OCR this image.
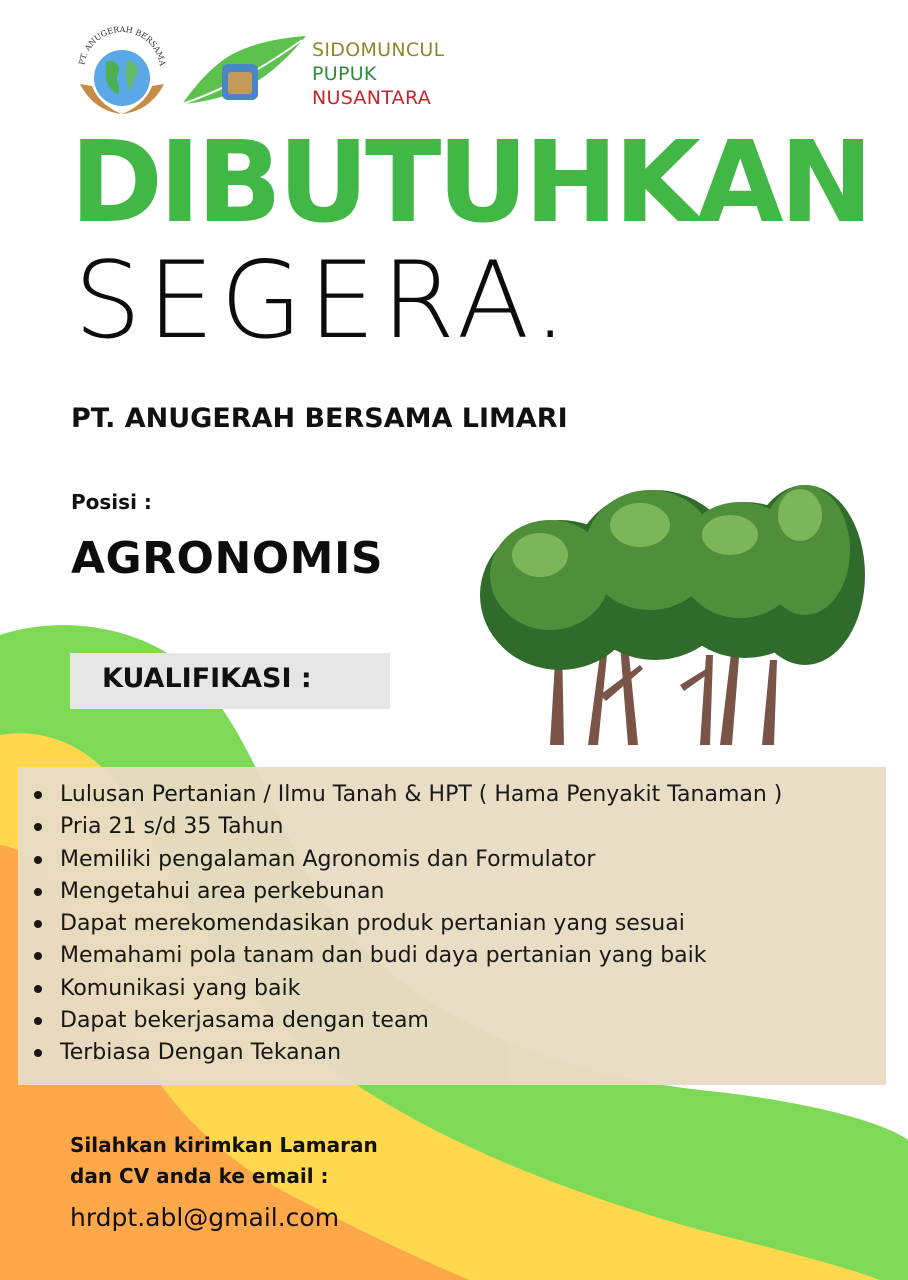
PT. ANUGERAH BERSAMA
SIDOMUNCUL
PUPUK
NUSANTARA
DIBUTUHKAN
SEGERA.
PT. ANUGERAH BERSAMA LIMARI
Posisi :
AGRONOMIS
KUALIFIKASI :
Lulusan Pertanian / Ilmu Tanah & HPT ( Hama Penyakit Tanaman )
Pria 21 s/d 35 Tahun
Memiliki pengalaman Agronomis dan Formulator
Mengetahui area perkebunan
Dapat merekomendasikan produk pertanian yang sesuai
Memahami pola tanam dan budi daya pertanian yang baik
Komunikasi yang baik
Dapat bekerjasama dengan team
Terbiasa Dengan Tekanan
Silahkan kirimkan Lamaran
dan CV anda ke email :
hrdpt.abl@gmail.com
